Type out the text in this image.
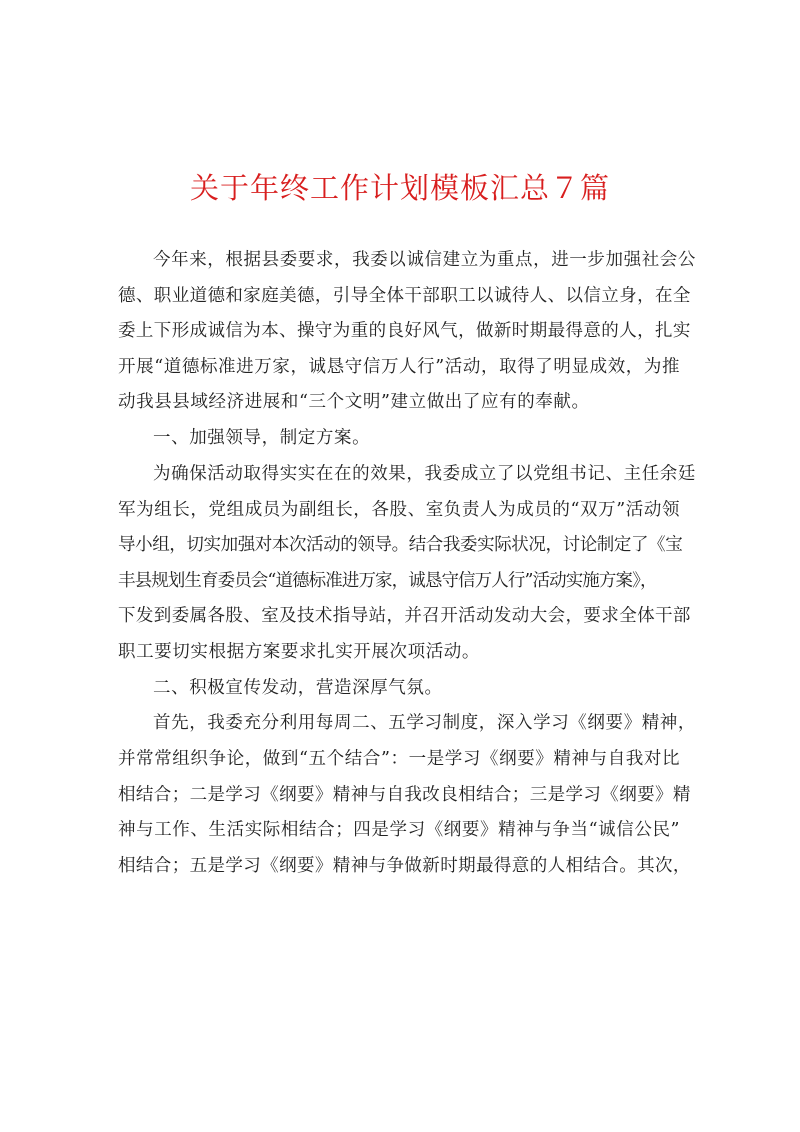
关于年终工作计划模板汇总７篇

今年来，根据县委要求，我委以诚信建立为重点，进一步加强社会公
德、职业道德和家庭美德，引导全体干部职工以诚待人、以信立身，在全
委上下形成诚信为本、操守为重的良好风气，做新时期最得意的人，扎实
开展“道德标准进万家，诚恳守信万人行”活动，取得了明显成效，为推
动我县县域经济进展和“三个文明”建立做出了应有的奉献。

一、加强领导，制定方案。

为确保活动取得实实在在的效果，我委成立了以党组书记、主任余廷
军为组长，党组成员为副组长，各股、室负责人为成员的“双万”活动领
导小组，切实加强对本次活动的领导。结合我委实际状况，讨论制定了《宝
丰县规划生育委员会“道德标准进万家，诚恳守信万人行”活动实施方案》，
下发到委属各股、室及技术指导站，并召开活动发动大会，要求全体干部
职工要切实根据方案要求扎实开展次项活动。

二、积极宣传发动，营造深厚气氛。

首先，我委充分利用每周二、五学习制度，深入学习《纲要》精神，
并常常组织争论，做到“五个结合”：一是学习《纲要》精神与自我对比
相结合；二是学习《纲要》精神与自我改良相结合；三是学习《纲要》精
神与工作、生活实际相结合；四是学习《纲要》精神与争当“诚信公民”
相结合；五是学习《纲要》精神与争做新时期最得意的人相结合。其次，
